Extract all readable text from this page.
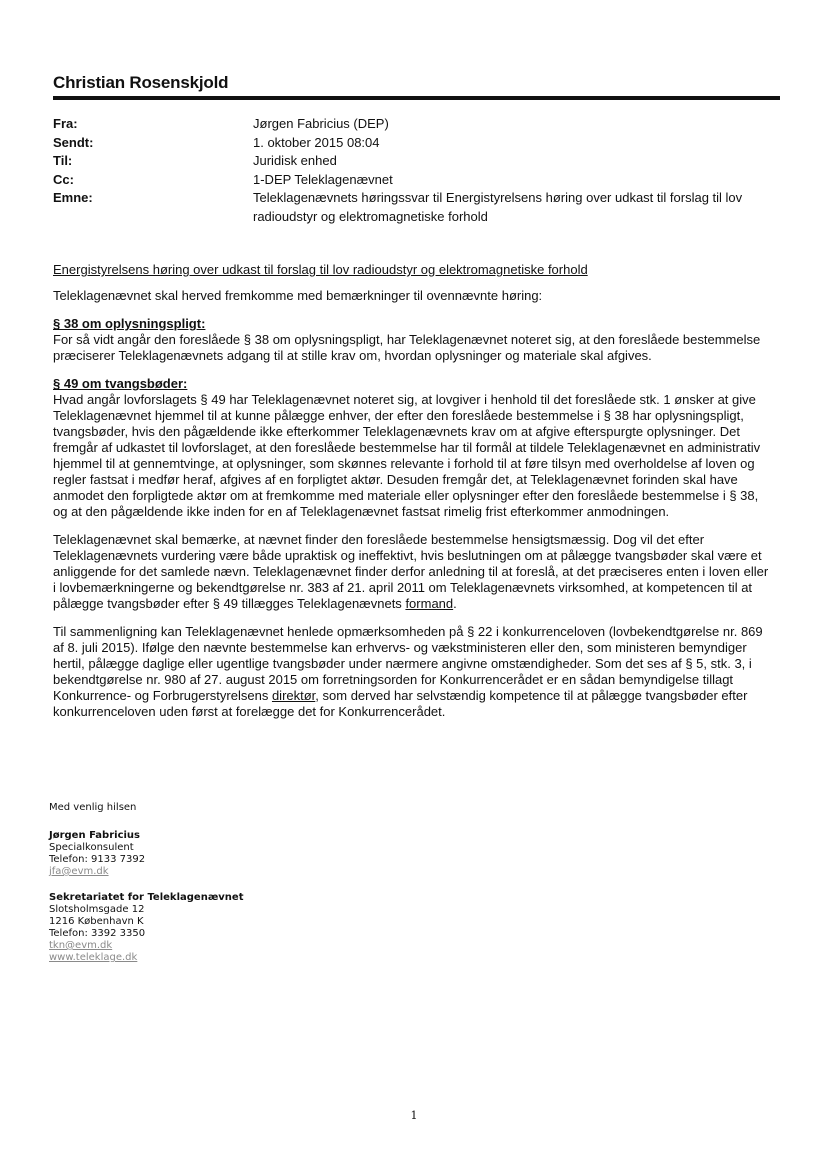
Christian Rosenskjold
Fra:	Jørgen Fabricius (DEP)
Sendt:	1. oktober 2015 08:04
Til:	Juridisk enhed
Cc:	1-DEP Teleklagenævnet
Emne:	Teleklagenævnets høringssvar til Energistyrelsens høring over udkast til forslag til lov radioudstyr og elektromagnetiske forhold

Energistyrelsens høring over udkast til forslag til lov radioudstyr og elektromagnetiske forhold

Teleklagenævnet skal herved fremkomme med bemærkninger til ovennævnte høring:

§ 38 om oplysningspligt:

For så vidt angår den foreslåede § 38 om oplysningspligt, har Teleklagenævnet noteret sig, at den foreslåede bestemmelse præciserer Teleklagenævnets adgang til at stille krav om, hvordan oplysninger og materiale skal afgives.

§ 49 om tvangsbøder:

Hvad angår lovforslagets § 49 har Teleklagenævnet noteret sig, at lovgiver i henhold til det foreslåede stk. 1 ønsker at give Teleklagenævnet hjemmel til at kunne pålægge enhver, der efter den foreslåede bestemmelse i § 38 har oplysningspligt, tvangsbøder, hvis den pågældende ikke efterkommer Teleklagenævnets krav om at afgive efterspurgte oplysninger. Det fremgår af udkastet til lovforslaget, at den foreslåede bestemmelse har til formål at tildele Teleklagenævnet en administrativ hjemmel til at gennemtvinge, at oplysninger, som skønnes relevante i forhold til at føre tilsyn med overholdelse af loven og regler fastsat i medfør heraf, afgives af en forpligtet aktør. Desuden fremgår det, at Teleklagenævnet forinden skal have anmodet den forpligtede aktør om at fremkomme med materiale eller oplysninger efter den foreslåede bestemmelse i § 38, og at den pågældende ikke inden for en af Teleklagenævnet fastsat rimelig frist efterkommer anmodningen.

Teleklagenævnet skal bemærke, at nævnet finder den foreslåede bestemmelse hensigtsmæssig. Dog vil det efter Teleklagenævnets vurdering være både upraktisk og ineffektivt, hvis beslutningen om at pålægge tvangsbøder skal være et anliggende for det samlede nævn. Teleklagenævnet finder derfor anledning til at foreslå, at det præciseres enten i loven eller i lovbemærkningerne og bekendtgørelse nr. 383 af 21. april 2011 om Teleklagenævnets virksomhed, at kompetencen til at pålægge tvangsbøder efter § 49 tillægges Teleklagenævnets formand.

Til sammenligning kan Teleklagenævnet henlede opmærksomheden på § 22 i konkurrenceloven (lovbekendtgørelse nr. 869 af 8. juli 2015). Ifølge den nævnte bestemmelse kan erhvervs- og vækstministeren eller den, som ministeren bemyndiger hertil, pålægge daglige eller ugentlige tvangsbøder under nærmere angivne omstændigheder. Som det ses af § 5, stk. 3, i bekendtgørelse nr. 980 af 27. august 2015 om forretningsorden for Konkurrencerådet er en sådan bemyndigelse tillagt Konkurrence- og Forbrugerstyrelsens direktør, som derved har selvstændig kompetence til at pålægge tvangsbøder efter konkurrenceloven uden først at forelægge det for Konkurrencerådet.

Med venlig hilsen
Jørgen Fabricius
Specialkonsulent
Telefon: 9133 7392
jfa@evm.dk
Sekretariatet for Teleklagenævnet
Slotsholmsgade 12
1216 København K
Telefon: 3392 3350
tkn@evm.dk
www.teleklage.dk
1
